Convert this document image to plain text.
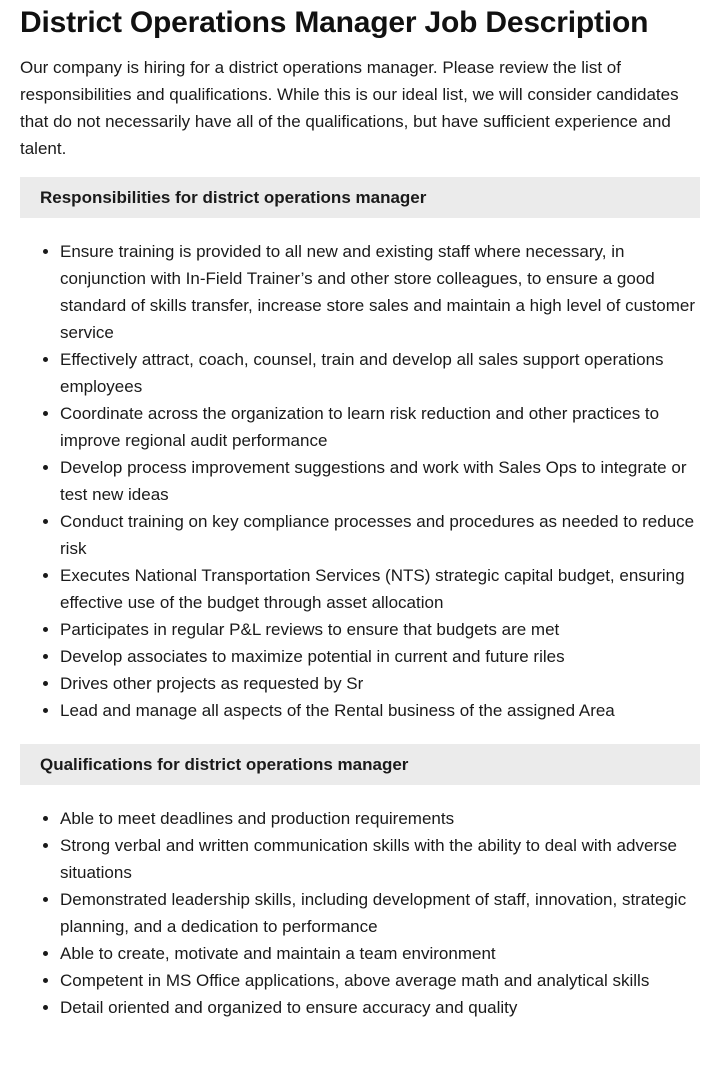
District Operations Manager Job Description

Our company is hiring for a district operations manager. Please review the list of responsibilities and qualifications. While this is our ideal list, we will consider candidates that do not necessarily have all of the qualifications, but have sufficient experience and talent.

Responsibilities for district operations manager
• Ensure training is provided to all new and existing staff where necessary, in conjunction with In-Field Trainer’s and other store colleagues, to ensure a good standard of skills transfer, increase store sales and maintain a high level of customer service
• Effectively attract, coach, counsel, train and develop all sales support operations employees
• Coordinate across the organization to learn risk reduction and other practices to improve regional audit performance
• Develop process improvement suggestions and work with Sales Ops to integrate or test new ideas
• Conduct training on key compliance processes and procedures as needed to reduce risk
• Executes National Transportation Services (NTS) strategic capital budget, ensuring effective use of the budget through asset allocation
• Participates in regular P&L reviews to ensure that budgets are met
• Develop associates to maximize potential in current and future riles
• Drives other projects as requested by Sr
• Lead and manage all aspects of the Rental business of the assigned Area
Qualifications for district operations manager
• Able to meet deadlines and production requirements
• Strong verbal and written communication skills with the ability to deal with adverse situations
• Demonstrated leadership skills, including development of staff, innovation, strategic planning, and a dedication to performance
• Able to create, motivate and maintain a team environment
• Competent in MS Office applications, above average math and analytical skills
• Detail oriented and organized to ensure accuracy and quality
